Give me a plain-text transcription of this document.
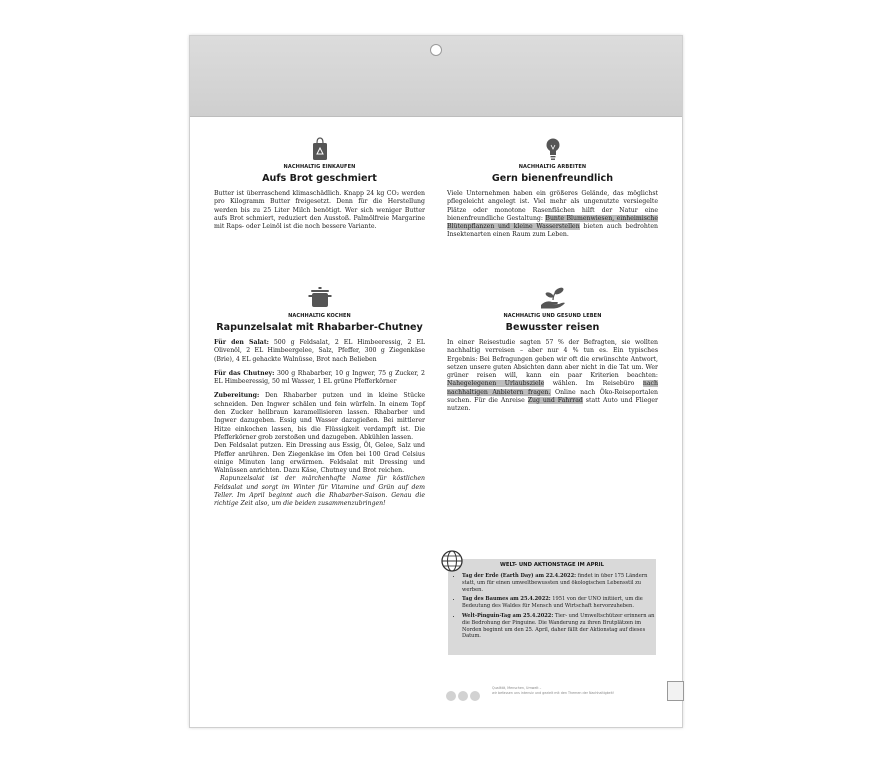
NACHHALTIG EINKAUFEN
Aufs Brot geschmiert

Butter ist überraschend klimaschädlich. Knapp 24 kg CO₂ werden pro Kilogramm Butter freigesetzt. Denn für die Herstellung werden bis zu 25 Liter Milch benötigt. Wer sich weniger Butter aufs Brot schmiert, reduziert den Ausstoß. Palmölfreie Margarine mit Raps- oder Leinöl ist die noch bessere Variante.

NACHHALTIG ARBEITEN
Gern bienenfreundlich

Viele Unternehmen haben ein größeres Gelände, das möglichst pflegeleicht angelegt ist. Viel mehr als ungenutzte versiegelte Plätze oder monotone Rasenflächen hilft der Natur eine bienenfreundliche Gestaltung: Bunte Blumenwiesen, einheimische Blütenpflanzen und kleine Wasserstellen bieten auch bedrohten Insektenarten einen Raum zum Leben.

NACHHALTIG KOCHEN
Rapunzelsalat mit Rhabarber-Chutney

Für den Salat: 500 g Feldsalat, 2 EL Himbeeressig, 2 EL Olivenöl, 2 EL Himbeergelee, Salz, Pfeffer, 300 g Ziegenkäse (Brie), 4 EL gehackte Walnüsse, Brot nach Belieben

Für das Chutney: 300 g Rhabarber, 10 g Ingwer, 75 g Zucker, 2 EL Himbeeressig, 50 ml Wasser, 1 EL grüne Pfefferkörner

Zubereitung: Den Rhabarber putzen und in kleine Stücke schneiden. Den Ingwer schälen und fein würfeln. In einem Topf den Zucker hellbraun karamellisieren lassen. Rhabarber und Ingwer dazugeben. Essig und Wasser dazugießen. Bei mittlerer Hitze einkochen lassen, bis die Flüssigkeit verdampft ist. Die Pfefferkörner grob zerstoßen und dazugeben. Abkühlen lassen.

Den Feldsalat putzen. Ein Dressing aus Essig, Öl, Gelee, Salz und Pfeffer anrühren. Den Ziegenkäse im Ofen bei 100 Grad Celsius einige Minuten lang erwärmen. Feldsalat mit Dressing und Walnüssen anrichten. Dazu Käse, Chutney und Brot reichen.

Rapunzelsalat ist der märchenhafte Name für köstlichen Feldsalat und sorgt im Winter für Vitamine und Grün auf dem Teller. Im April beginnt auch die Rhabarber-Saison. Genau die richtige Zeit also, um die beiden zusammenzubringen!

NACHHALTIG UND GESUND LEBEN
Bewusster reisen

In einer Reisestudie sagten 57 % der Befragten, sie wollten nachhaltig verreisen – aber nur 4 % tun es. Ein typisches Ergebnis: Bei Befragungen geben wir oft die erwünschte Antwort, setzen unsere guten Absichten dann aber nicht in die Tat um. Wer grüner reisen will, kann ein paar Kriterien beachten: Nahegelegenen Urlaubsziele wählen. Im Reisebüro nach nachhaltigen Anbietern fragen. Online nach Öko-Reiseportalen suchen. Für die Anreise Zug und Fahrrad statt Auto und Flieger nutzen.

WELT- UND AKTIONSTAGE IM APRIL
• Tag der Erde (Earth Day) am 22.4.2022: findet in über 175 Ländern statt, um für einen umweltbewussten und ökologischen Lebensstil zu werben.
• Tag des Baumes am 25.4.2022: 1951 von der UNO initiiert, um die Bedeutung des Waldes für Mensch und Wirtschaft hervorzuheben.
• Welt-Pinguin-Tag am 25.4.2022: Tier- und Umweltschützer erinnern an die Bedrohung der Pinguine. Die Wanderung zu ihren Brutplätzen im Norden beginnt um den 25. April, daher fällt der Aktionstag auf dieses Datum.
Qualität, Menschen, Umwelt –
wir befassen uns intensiv und gezielt mit den Themen der Nachhaltigkeit!
